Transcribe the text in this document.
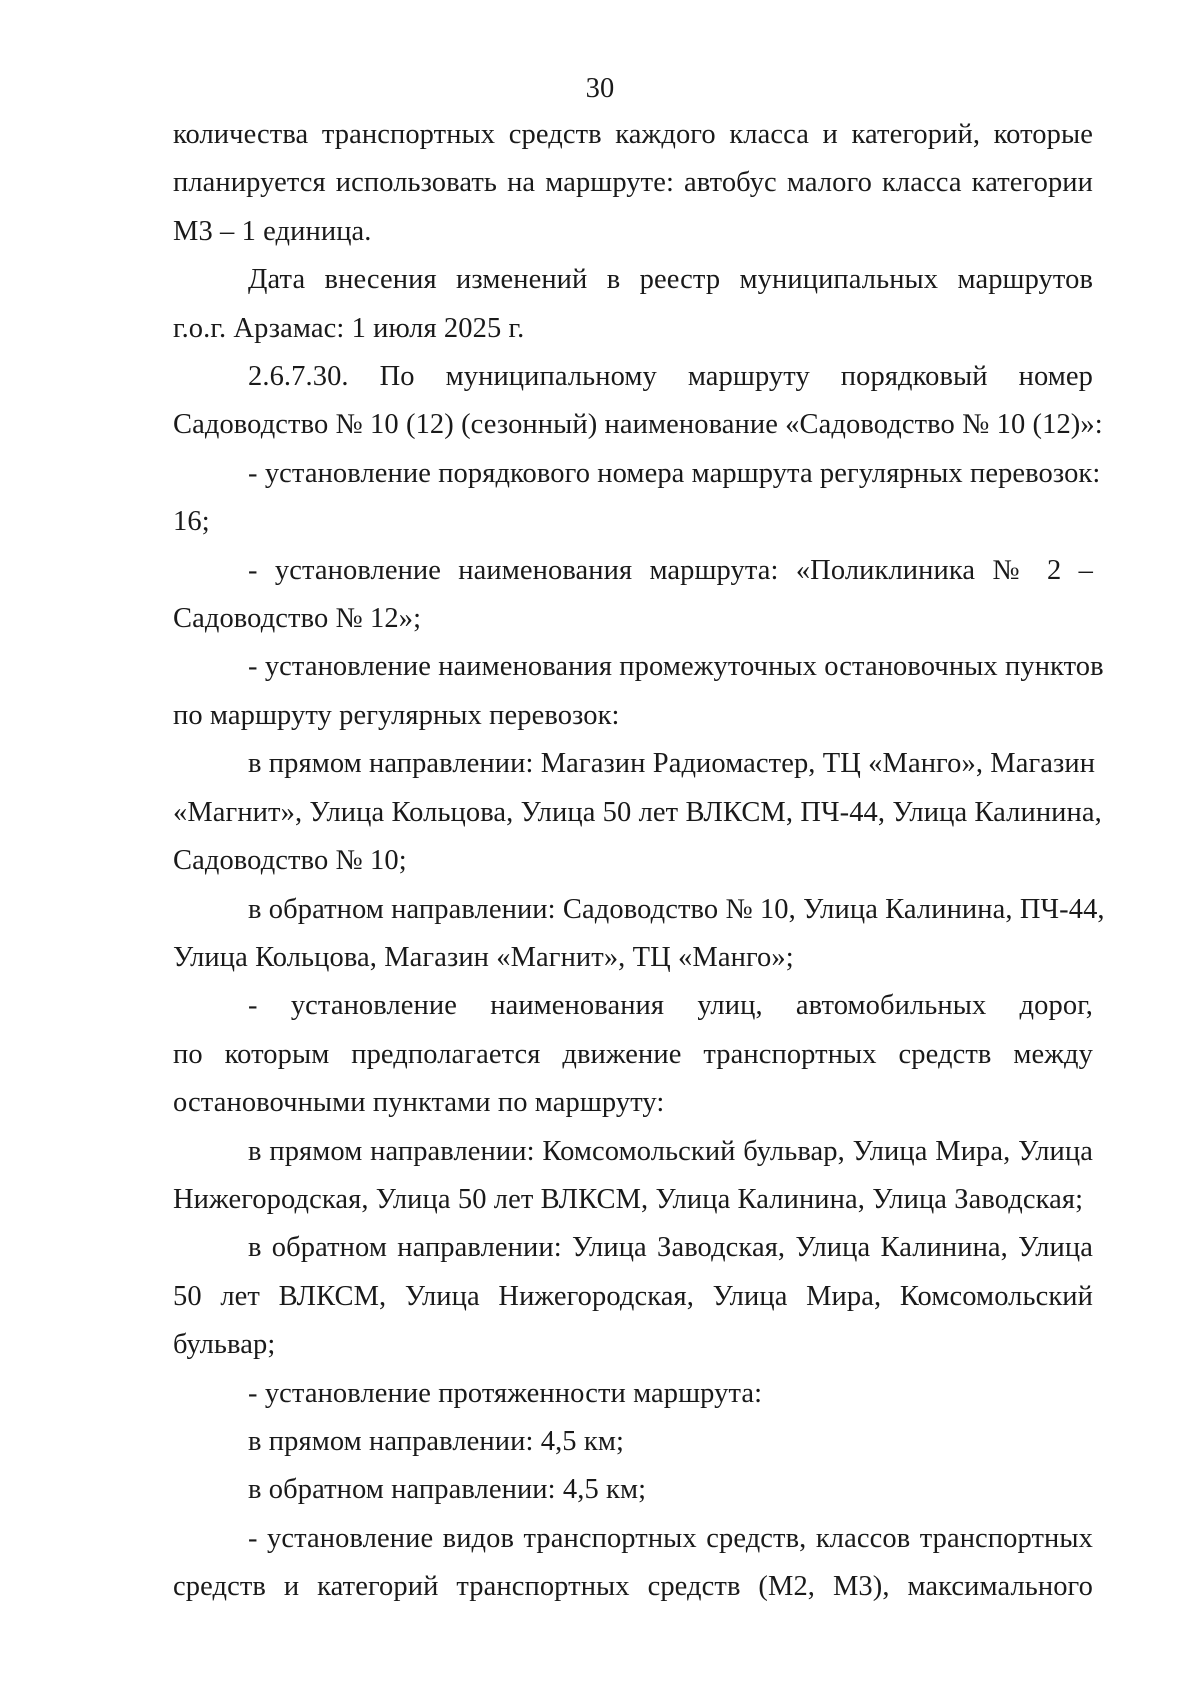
30
количества транспортных средств каждого класса и категорий, которые
планируется использовать на маршруте: автобус малого класса категории
М3 – 1 единица.
Дата внесения изменений в реестр муниципальных маршрутов
г.о.г. Арзамас: 1 июля 2025 г.
2.6.7.30. По муниципальному маршруту порядковый номер
Садоводство № 10 (12) (сезонный) наименование «Садоводство № 10 (12)»:
- установление порядкового номера маршрута регулярных перевозок:
16;
- установление наименования маршрута: «Поликлиника № 2 –
Садоводство № 12»;
- установление наименования промежуточных остановочных пунктов
по маршруту регулярных перевозок:
в прямом направлении: Магазин Радиомастер, ТЦ «Манго», Магазин
«Магнит», Улица Кольцова, Улица 50 лет ВЛКСМ, ПЧ-44, Улица Калинина,
Садоводство № 10;
в обратном направлении: Садоводство № 10, Улица Калинина, ПЧ-44,
Улица Кольцова, Магазин «Магнит», ТЦ «Манго»;
- установление наименования улиц, автомобильных дорог,
по которым предполагается движение транспортных средств между
остановочными пунктами по маршруту:
в прямом направлении: Комсомольский бульвар, Улица Мира, Улица
Нижегородская, Улица 50 лет ВЛКСМ, Улица Калинина, Улица Заводская;
в обратном направлении: Улица Заводская, Улица Калинина, Улица
50 лет ВЛКСМ, Улица Нижегородская, Улица Мира, Комсомольский
бульвар;
- установление протяженности маршрута:
в прямом направлении: 4,5 км;
в обратном направлении: 4,5 км;
- установление видов транспортных средств, классов транспортных
средств и категорий транспортных средств (М2, М3), максимального
